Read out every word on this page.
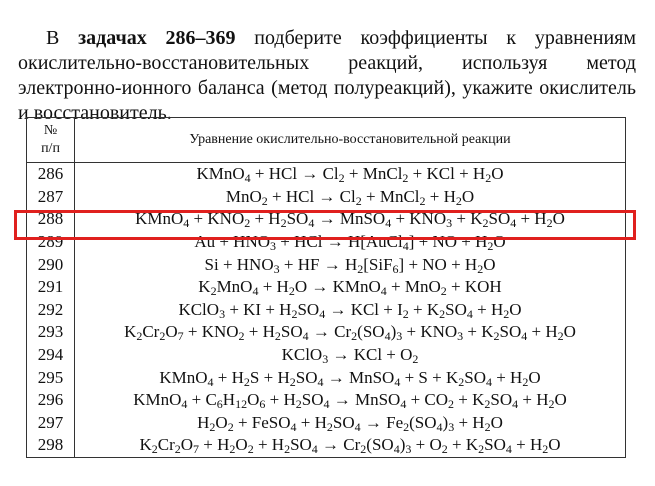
В задачах 286–369 подберите коэффициенты к уравнениям окислительно-восстановительных реакций, используя метод электронно-ионного баланса (метод полуреакций), укажите окислитель и восстановитель.

№
п/п	Уравнение окислительно-восстановительной реакции
286	KMnO$_4$ + HCl → $Cl_2$ + MnCl$_2$ + KCl + $H_2O$
287	MnO$_2$ + HCl → $Cl_2$ + MnCl$_2$ + $H_2O$
288	KMnO$_4$ + $KNO_2 + H_2SO_4$ → MnSO$_4$ + $KNO_3 + K_2SO_4 + H_2O$
289	$Au + HNO_3$ + HCl → H[AuCl$_4$] + NO + $H_2O$
290	$Si + HNO_3$ + HF → $H_2[SiF_6]$ + NO + $H_2O$
291	$K_2MnO_4 + H_2O$ → KMnO$_4$ + MnO$_2$ + KOH
292	KClO$_3$ + KI + $H_2SO_4$ → KCl + $I_2 + K_2SO_4 + H_2O$
293	$K_2Cr_2O_7 + KNO_2 + H_2SO_4 \to Cr_2(SO_4)_3 + KNO_3 + K_2SO_4 + H_2O$
294	KClO$_3$ → KCl + $O_2$
295	KMnO$_4$ + $H_2S + H_2SO_4$ → MnSO$_4$ + $S + K_2SO_4 + H_2O$
296	KMnO$_4$ + $C_6H_{12}O_6 + H_2SO_4$ → MnSO$_4$ + $CO_2 + K_2SO_4 + H_2O$
297	$H_2O_2$ + FeSO$_4$ + $H_2SO_4 \to Fe_2(SO_4)_3 + H_2O$
298	$K_2Cr_2O_7 + H_2O_2 + H_2SO_4 \to Cr_2(SO_4)_3 + O_2 + K_2SO_4 + H_2O$
